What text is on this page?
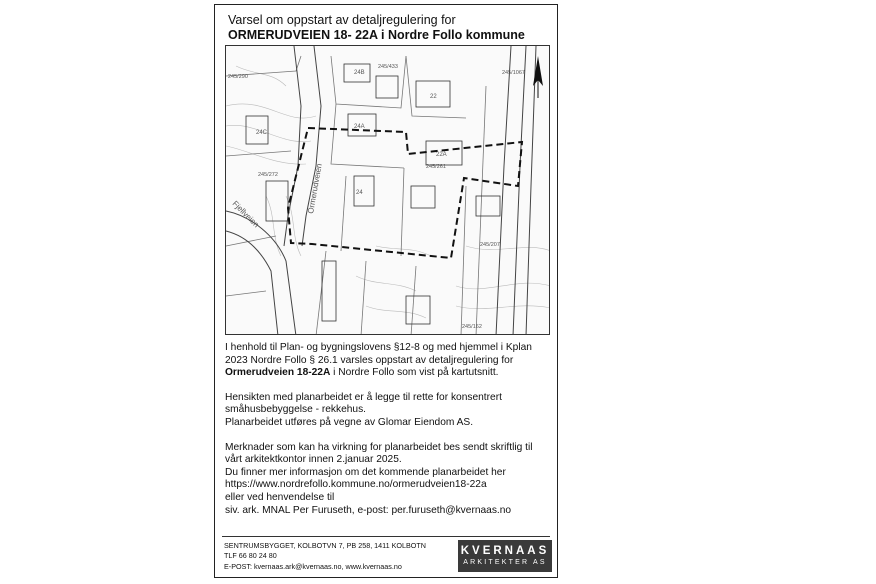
Varsel om oppstart av detaljregulering for
ORMERUDVEIEN 18- 22A i Nordre Follo kommune
Ormerudveien
Fjellveien
24B
24A
24
22A
24C
22
245/290
245/433
245/1067
245/272
245/261
245/207
245/162

I henhold til Plan- og bygningslovens §12-8 og med hjemmel i Kplan 2023 Nordre Follo § 26.1 varsles oppstart av detaljregulering for Ormerudveien 18-22A i Nordre Follo som vist på kartutsnitt.

Hensikten med planarbeidet er å legge til rette for konsentrert småhusbebyggelse - rekkehus.

Planarbeidet utføres på vegne av Glomar Eiendom AS.

Merknader som kan ha virkning for planarbeidet bes sendt skriftlig til vårt arkitektkontor innen 2.januar 2025.

Du finner mer informasjon om det kommende planarbeidet her

https://www.nordrefollo.kommune.no/ormerudveien18-22a

eller ved henvendelse til

siv. ark. MNAL Per Furuseth, e-post: per.furuseth@kvernaas.no

SENTRUMSBYGGET, KOLBOTVN 7, PB 258, 1411 KOLBOTN
TLF 66 80 24 80
E-POST: kvernaas.ark@kvernaas.no, www.kvernaas.no
KVERNAAS
ARKITEKTER AS
